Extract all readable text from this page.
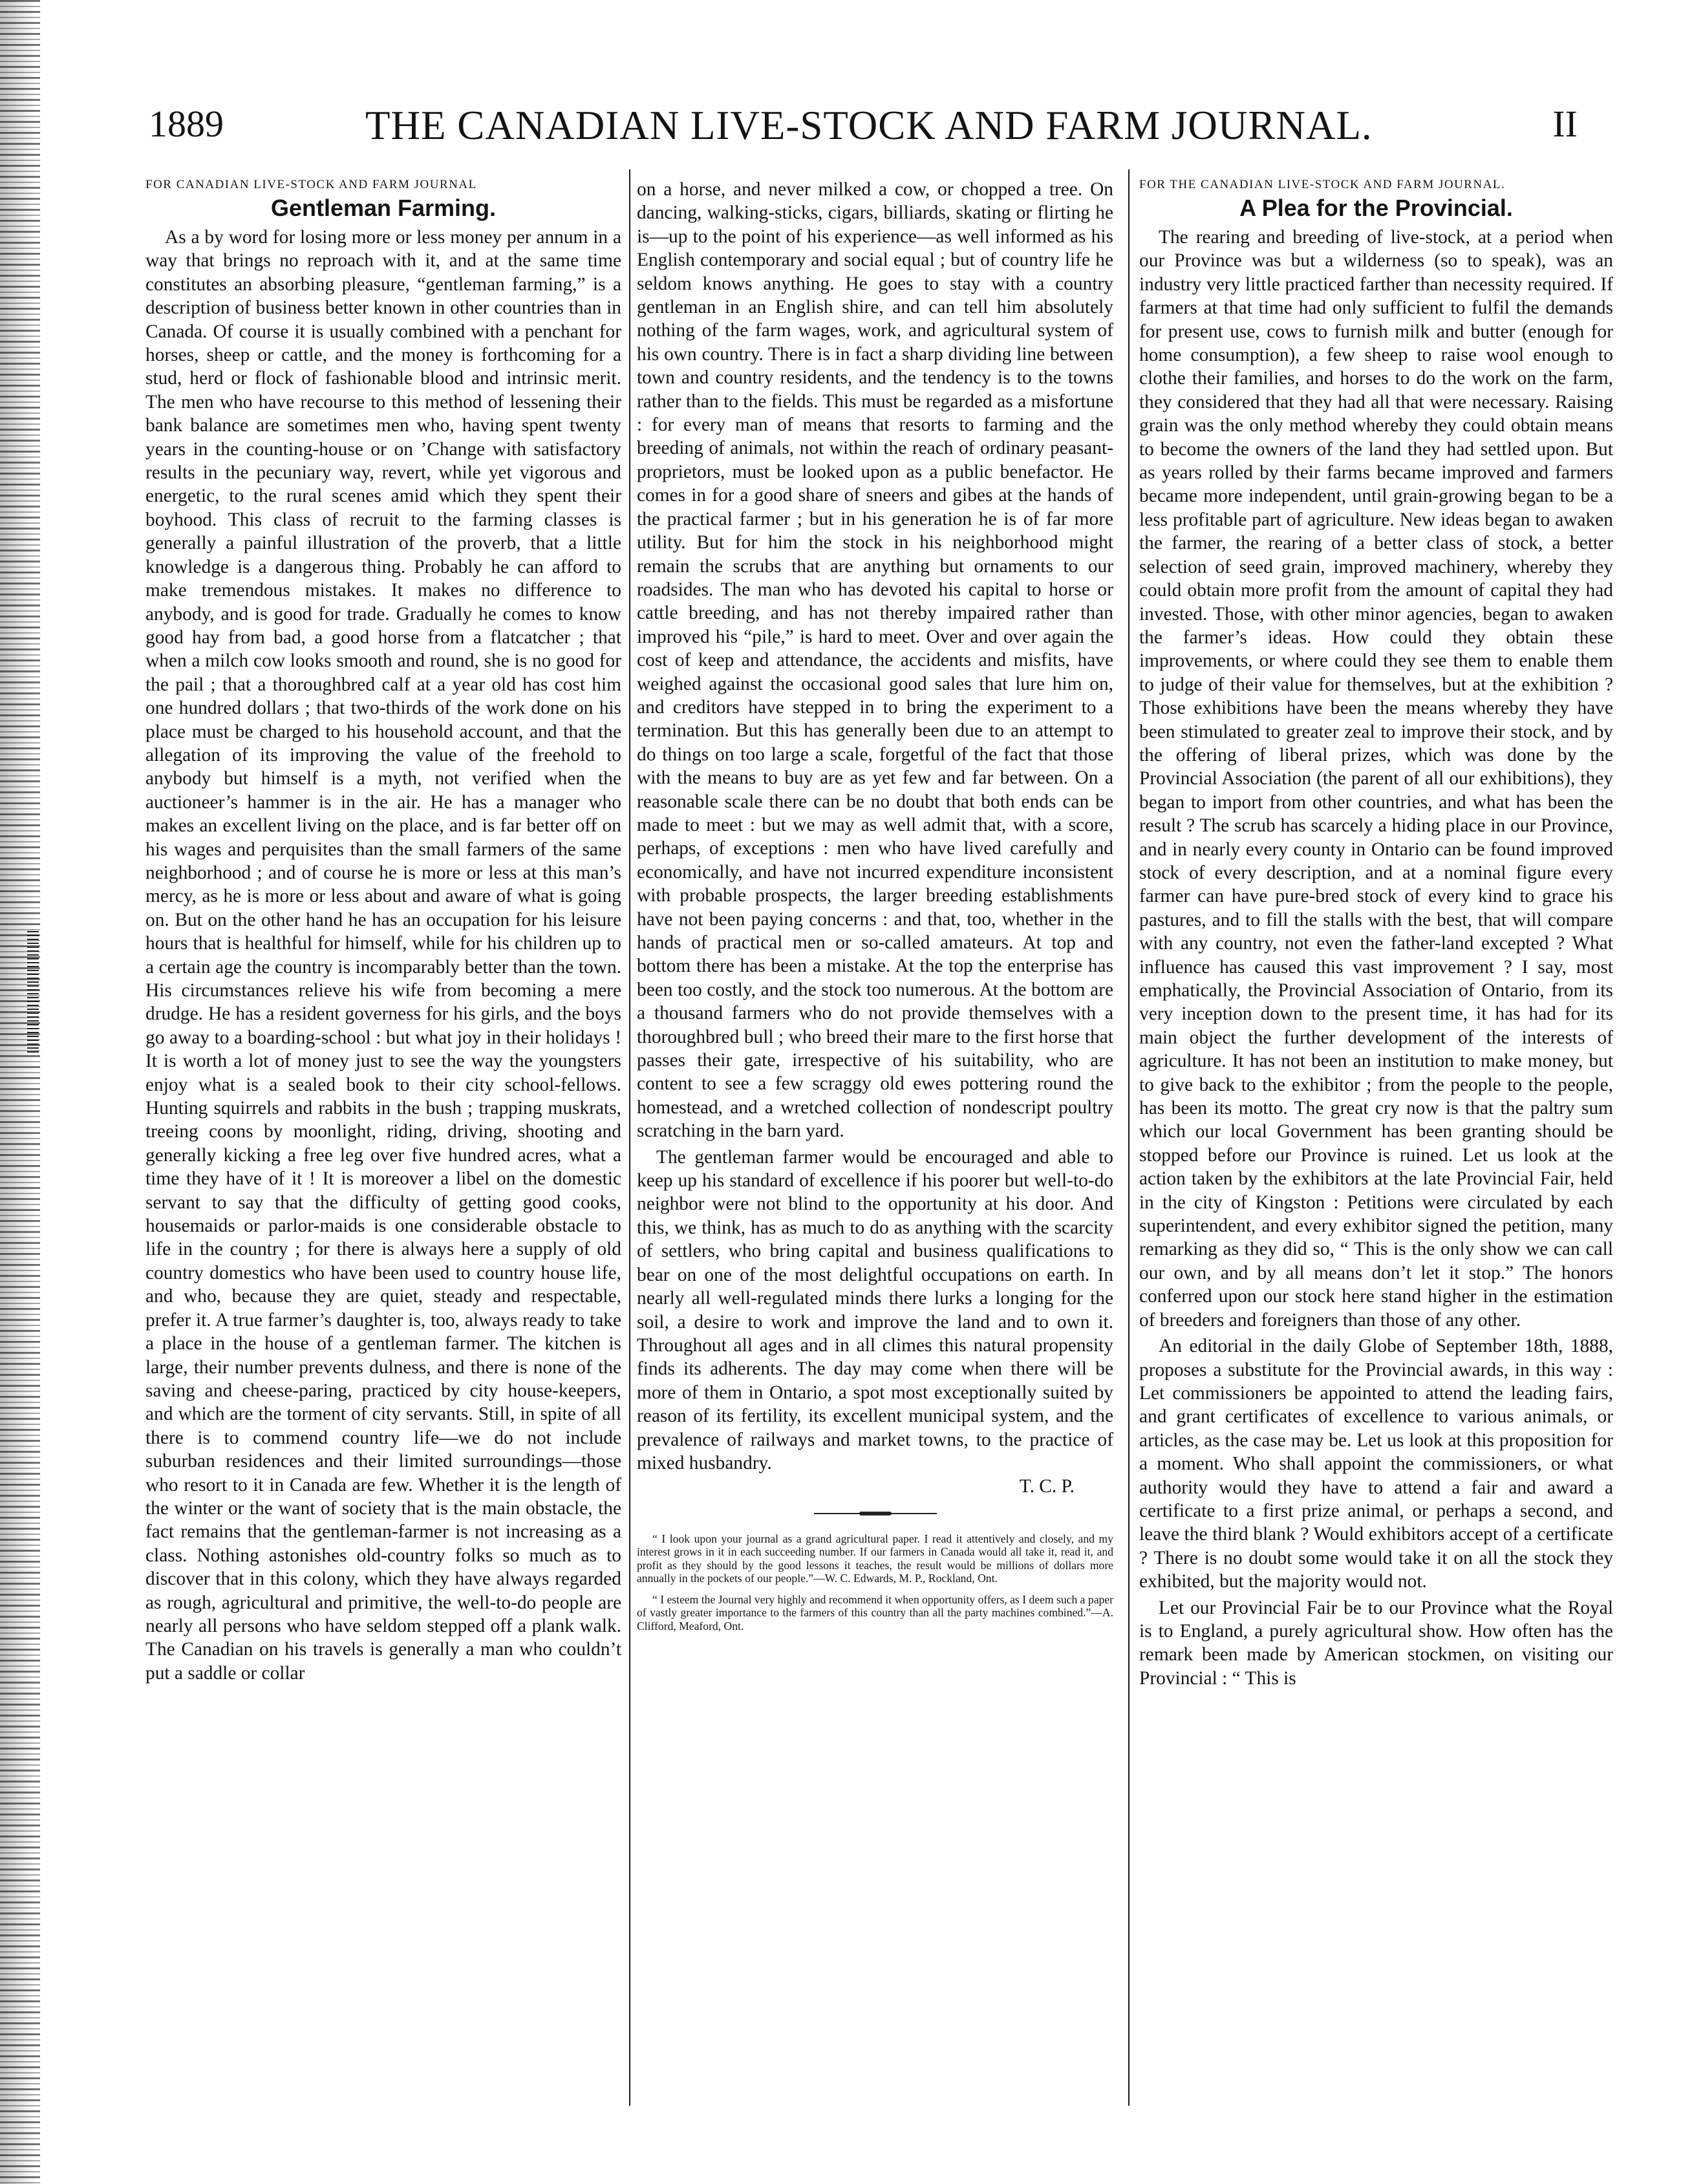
1889	THE CANADIAN LIVE-STOCK AND FARM JOURNAL.	II
FOR CANADIAN LIVE-STOCK AND FARM JOURNAL
Gentleman Farming.

As a by word for losing more or less money per annum in a way that brings no reproach with it, and at the same time constitutes an absorbing pleasure, “gentleman farming,” is a description of business better known in other countries than in Canada. Of course it is usually combined with a penchant for horses, sheep or cattle, and the money is forthcoming for a stud, herd or flock of fashionable blood and intrinsic merit. The men who have recourse to this method of lessening their bank balance are sometimes men who, having spent twenty years in the counting-house or on ’Change with satisfactory results in the pecuniary way, revert, while yet vigorous and energetic, to the rural scenes amid which they spent their boyhood. This class of recruit to the farming classes is generally a painful illustration of the proverb, that a little knowledge is a dangerous thing. Probably he can afford to make tremendous mistakes. It makes no difference to anybody, and is good for trade. Gradually he comes to know good hay from bad, a good horse from a flatcatcher ; that when a milch cow looks smooth and round, she is no good for the pail ; that a thoroughbred calf at a year old has cost him one hundred dollars ; that two-thirds of the work done on his place must be charged to his household account, and that the allegation of its improving the value of the freehold to anybody but himself is a myth, not verified when the auctioneer’s hammer is in the air. He has a manager who makes an excellent living on the place, and is far better off on his wages and perquisites than the small farmers of the same neighborhood ; and of course he is more or less at this man’s mercy, as he is more or less about and aware of what is going on. But on the other hand he has an occupation for his leisure hours that is healthful for himself, while for his children up to a certain age the country is incomparably better than the town. His circumstances relieve his wife from becoming a mere drudge. He has a resident governess for his girls, and the boys go away to a boarding-school : but what joy in their holidays ! It is worth a lot of money just to see the way the youngsters enjoy what is a sealed book to their city school-fellows. Hunting squirrels and rabbits in the bush ; trapping muskrats, treeing coons by moonlight, riding, driving, shooting and generally kicking a free leg over five hundred acres, what a time they have of it ! It is moreover a libel on the domestic servant to say that the difficulty of getting good cooks, housemaids or parlor-maids is one considerable obstacle to life in the country ; for there is always here a supply of old country domestics who have been used to country house life, and who, because they are quiet, steady and respectable, prefer it. A true farmer’s daughter is, too, always ready to take a place in the house of a gentleman farmer. The kitchen is large, their number prevents dulness, and there is none of the saving and cheese-paring, practiced by city house-keepers, and which are the torment of city servants. Still, in spite of all there is to commend country life—we do not include suburban residences and their limited surroundings—those who resort to it in Canada are few. Whether it is the length of the winter or the want of society that is the main obstacle, the fact remains that the gentleman-farmer is not increasing as a class. Nothing astonishes old-country folks so much as to discover that in this colony, which they have always regarded as rough, agricultural and primitive, the well-to-do people are nearly all persons who have seldom stepped off a plank walk. The Canadian on his travels is generally a man who couldn’t put a saddle or collar

on a horse, and never milked a cow, or chopped a tree. On dancing, walking-sticks, cigars, billiards, skating or flirting he is—up to the point of his experience—as well informed as his English contemporary and social equal ; but of country life he seldom knows anything. He goes to stay with a country gentleman in an English shire, and can tell him absolutely nothing of the farm wages, work, and agricultural system of his own country. There is in fact a sharp dividing line between town and country residents, and the tendency is to the towns rather than to the fields. This must be regarded as a misfortune : for every man of means that resorts to farming and the breeding of animals, not within the reach of ordinary peasant-proprietors, must be looked upon as a public benefactor. He comes in for a good share of sneers and gibes at the hands of the practical farmer ; but in his generation he is of far more utility. But for him the stock in his neighborhood might remain the scrubs that are anything but ornaments to our roadsides. The man who has devoted his capital to horse or cattle breeding, and has not thereby impaired rather than improved his “pile,” is hard to meet. Over and over again the cost of keep and attendance, the accidents and misfits, have weighed against the occasional good sales that lure him on, and creditors have stepped in to bring the experiment to a termination. But this has generally been due to an attempt to do things on too large a scale, forgetful of the fact that those with the means to buy are as yet few and far between. On a reasonable scale there can be no doubt that both ends can be made to meet : but we may as well admit that, with a score, perhaps, of exceptions : men who have lived carefully and economically, and have not incurred expenditure inconsistent with probable prospects, the larger breeding establishments have not been paying concerns : and that, too, whether in the hands of practical men or so-called amateurs. At top and bottom there has been a mistake. At the top the enterprise has been too costly, and the stock too numerous. At the bottom are a thousand farmers who do not provide themselves with a thoroughbred bull ; who breed their mare to the first horse that passes their gate, irrespective of his suitability, who are content to see a few scraggy old ewes pottering round the homestead, and a wretched collection of nondescript poultry scratching in the barn yard.

The gentleman farmer would be encouraged and able to keep up his standard of excellence if his poorer but well-to-do neighbor were not blind to the opportunity at his door. And this, we think, has as much to do as anything with the scarcity of settlers, who bring capital and business qualifications to bear on one of the most delightful occupations on earth. In nearly all well-regulated minds there lurks a longing for the soil, a desire to work and improve the land and to own it. Throughout all ages and in all climes this natural propensity finds its adherents. The day may come when there will be more of them in Ontario, a spot most exceptionally suited by reason of its fertility, its excellent municipal system, and the prevalence of railways and market towns, to the practice of mixed husbandry.
T. C. P.

“ I look upon your journal as a grand agricultural paper. I read it attentively and closely, and my interest grows in it in each succeeding number. If our farmers in Canada would all take it, read it, and profit as they should by the good lessons it teaches, the result would be millions of dollars more annually in the pockets of our people.”—W. C. Edwards, M. P., Rockland, Ont.

“ I esteem the Journal very highly and recommend it when opportunity offers, as I deem such a paper of vastly greater importance to the farmers of this country than all the party machines combined.”—A. Clifford, Meaford, Ont.

FOR THE CANADIAN LIVE-STOCK AND FARM JOURNAL.
A Plea for the Provincial.

The rearing and breeding of live-stock, at a period when our Province was but a wilderness (so to speak), was an industry very little practiced farther than necessity required. If farmers at that time had only sufficient to fulfil the demands for present use, cows to furnish milk and butter (enough for home consumption), a few sheep to raise wool enough to clothe their families, and horses to do the work on the farm, they considered that they had all that were necessary. Raising grain was the only method whereby they could obtain means to become the owners of the land they had settled upon. But as years rolled by their farms became improved and farmers became more independent, until grain-growing began to be a less profitable part of agriculture. New ideas began to awaken the farmer, the rearing of a better class of stock, a better selection of seed grain, improved machinery, whereby they could obtain more profit from the amount of capital they had invested. Those, with other minor agencies, began to awaken the farmer’s ideas. How could they obtain these improvements, or where could they see them to enable them to judge of their value for themselves, but at the exhibition ? Those exhibitions have been the means whereby they have been stimulated to greater zeal to improve their stock, and by the offering of liberal prizes, which was done by the Provincial Association (the parent of all our exhibitions), they began to import from other countries, and what has been the result ? The scrub has scarcely a hiding place in our Province, and in nearly every county in Ontario can be found improved stock of every description, and at a nominal figure every farmer can have pure-bred stock of every kind to grace his pastures, and to fill the stalls with the best, that will compare with any country, not even the father-land excepted ? What influence has caused this vast improvement ? I say, most emphatically, the Provincial Association of Ontario, from its very inception down to the present time, it has had for its main object the further development of the interests of agriculture. It has not been an institution to make money, but to give back to the exhibitor ; from the people to the people, has been its motto. The great cry now is that the paltry sum which our local Government has been granting should be stopped before our Province is ruined. Let us look at the action taken by the exhibitors at the late Provincial Fair, held in the city of Kingston : Petitions were circulated by each superintendent, and every exhibitor signed the petition, many remarking as they did so, “ This is the only show we can call our own, and by all means don’t let it stop.” The honors conferred upon our stock here stand higher in the estimation of breeders and foreigners than those of any other.

An editorial in the daily Globe of September 18th, 1888, proposes a substitute for the Provincial awards, in this way : Let commissioners be appointed to attend the leading fairs, and grant certificates of excellence to various animals, or articles, as the case may be. Let us look at this proposition for a moment. Who shall appoint the commissioners, or what authority would they have to attend a fair and award a certificate to a first prize animal, or perhaps a second, and leave the third blank ? Would exhibitors accept of a certificate ? There is no doubt some would take it on all the stock they exhibited, but the majority would not.

Let our Provincial Fair be to our Province what the Royal is to England, a purely agricultural show. How often has the remark been made by American stockmen, on visiting our Provincial : “ This is
